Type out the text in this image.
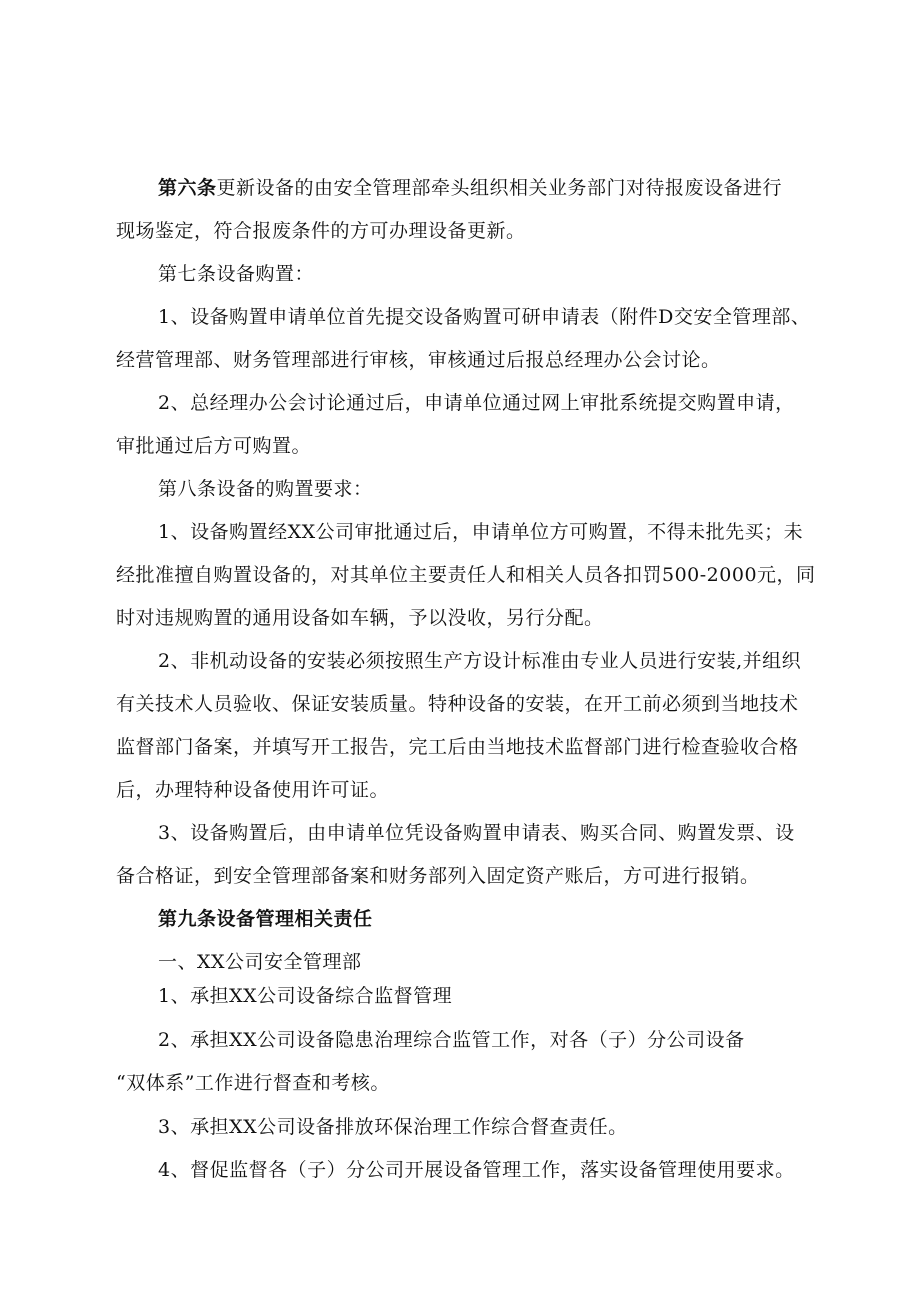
第六条更新设备的由安全管理部牵头组织相关业务部门对待报废设备进行
现场鉴定，符合报废条件的方可办理设备更新。
第七条设备购置：
1、设备购置申请单位首先提交设备购置可研申请表（附件D交安全管理部、
经营管理部、财务管理部进行审核，审核通过后报总经理办公会讨论。
2、总经理办公会讨论通过后，申请单位通过网上审批系统提交购置申请，
审批通过后方可购置。
第八条设备的购置要求：
1、设备购置经XX公司审批通过后，申请单位方可购置，不得未批先买；未
经批准擅自购置设备的，对其单位主要责任人和相关人员各扣罚500-2000元，同
时对违规购置的通用设备如车辆，予以没收，另行分配。
2、非机动设备的安装必须按照生产方设计标准由专业人员进行安装,并组织
有关技术人员验收、保证安装质量。特种设备的安装，在开工前必须到当地技术
监督部门备案，并填写开工报告，完工后由当地技术监督部门进行检查验收合格
后，办理特种设备使用许可证。
3、设备购置后，由申请单位凭设备购置申请表、购买合同、购置发票、设
备合格证，到安全管理部备案和财务部列入固定资产账后，方可进行报销。
第九条设备管理相关责任
一、XX公司安全管理部
1、承担XX公司设备综合监督管理
2、承担XX公司设备隐患治理综合监管工作，对各（子）分公司设备
“双体系”工作进行督查和考核。
3、承担XX公司设备排放环保治理工作综合督查责任。
4、督促监督各（子）分公司开展设备管理工作，落实设备管理使用要求。
